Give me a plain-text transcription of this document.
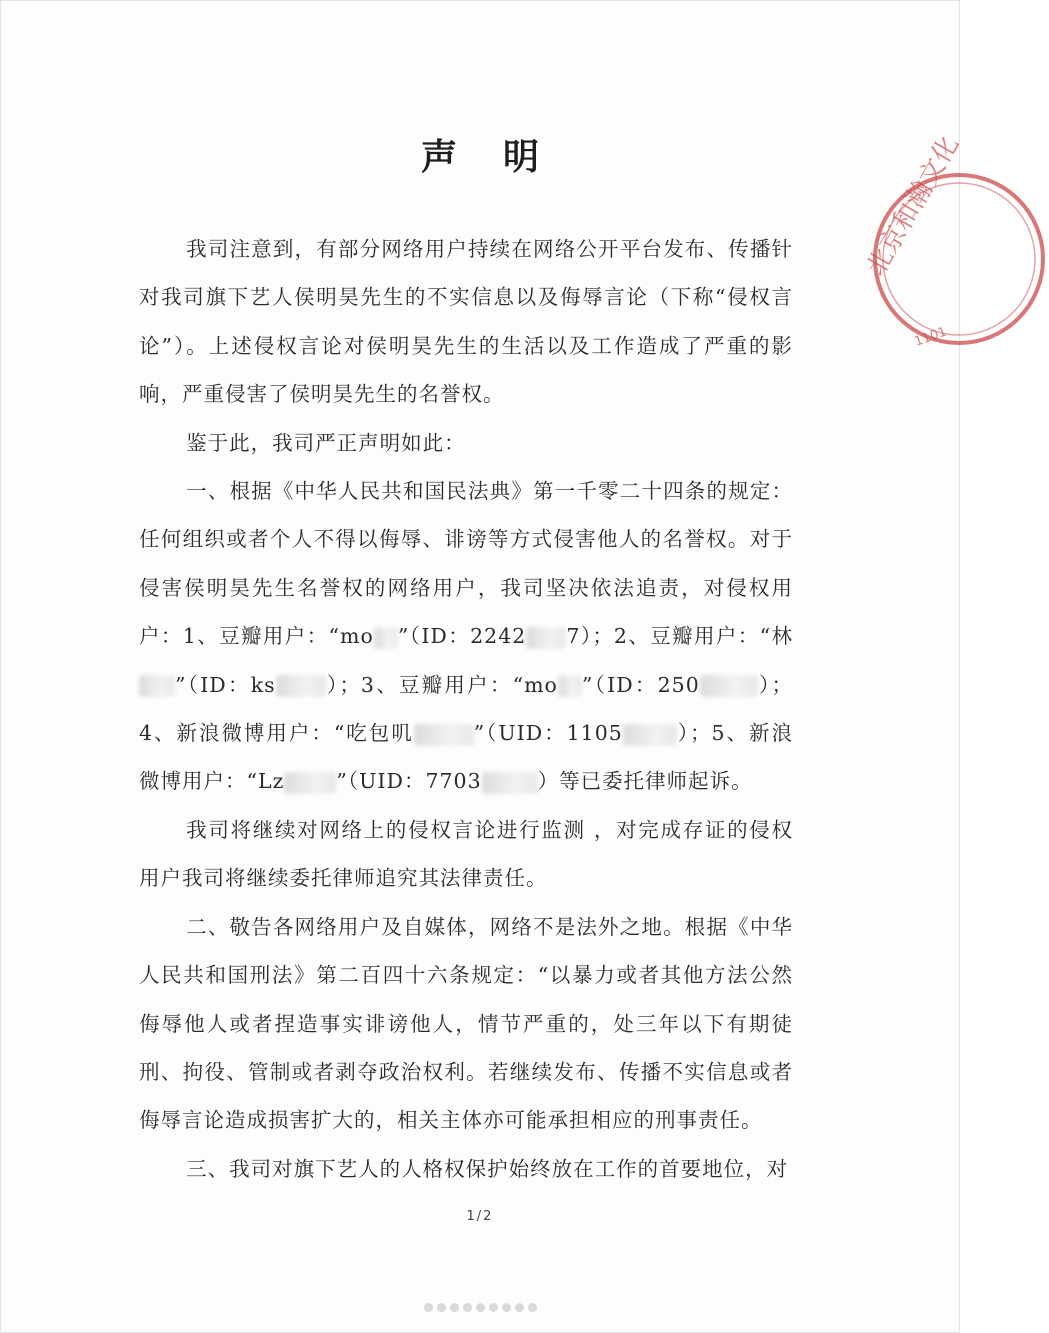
声明	北京和瀚文化
1101

我司注意到，有部分网络用户持续在网络公开平台发布、传播针对我司旗下艺人侯明昊先生的不实信息以及侮辱言论（下称“侵权言论”）。上述侵权言论对侯明昊先生的生活以及工作造成了严重的影响，严重侵害了侯明昊先生的名誉权。

鉴于此，我司严正声明如此：

一、根据《中华人民共和国民法典》第一千零二十四条的规定：任何组织或者个人不得以侮辱、诽谤等方式侵害他人的名誉权。对于侵害侯明昊先生名誉权的网络用户，我司坚决依法追责，对侵权用户：1、豆瓣用户：“mo ”（ID：2242 7）；2、豆瓣用户：“林”（ID：ks ）；3、豆瓣用户：“mo ”（ID：250	）；4、新浪微博用户：“吃包叽	”（UID：1105	）；5、新浪微博用户：“Lz	”（UID：7703	）等已委托律师起诉。

我司将继续对网络上的侵权言论进行监测 ，对完成存证的侵权用户我司将继续委托律师追究其法律责任。

二、敬告各网络用户及自媒体，网络不是法外之地。根据《中华人民共和国刑法》第二百四十六条规定：“以暴力或者其他方法公然侮辱他人或者捏造事实诽谤他人，情节严重的，处三年以下有期徒刑、拘役、管制或者剥夺政治权利。若继续发布、传播不实信息或者侮辱言论造成损害扩大的，相关主体亦可能承担相应的刑事责任。

三、我司对旗下艺人的人格权保护始终放在工作的首要地位，对

1/2
